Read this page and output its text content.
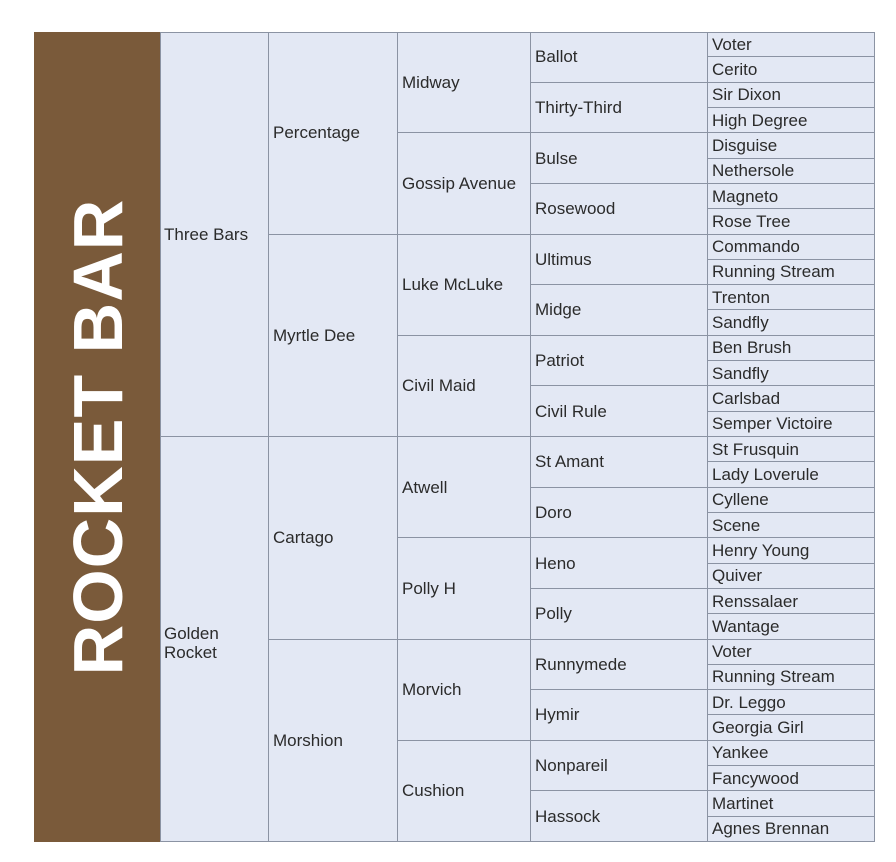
ROCKET BAR Three Bars
Golden
Rocket
Percentage
Myrtle Dee
Cartago
Morshion
Midway
Gossip Avenue
Luke McLuke
Civil Maid
Atwell
Polly H
Morvich
Cushion
Ballot
Thirty-Third
Bulse
Rosewood
Ultimus
Midge
Patriot
Civil Rule
St Amant
Doro
Heno
Polly
Runnymede
Hymir
Nonpareil
Hassock
Voter
Cerito
Sir Dixon
High Degree
Disguise
Nethersole
Magneto
Rose Tree
Commando
Running Stream
Trenton
Sandfly
Ben Brush
Sandfly
Carlsbad
Semper Victoire
St Frusquin
Lady Loverule
Cyllene
Scene
Henry Young
Quiver
Renssalaer
Wantage
Voter
Running Stream
Dr. Leggo
Georgia Girl
Yankee
Fancywood
Martinet
Agnes Brennan
